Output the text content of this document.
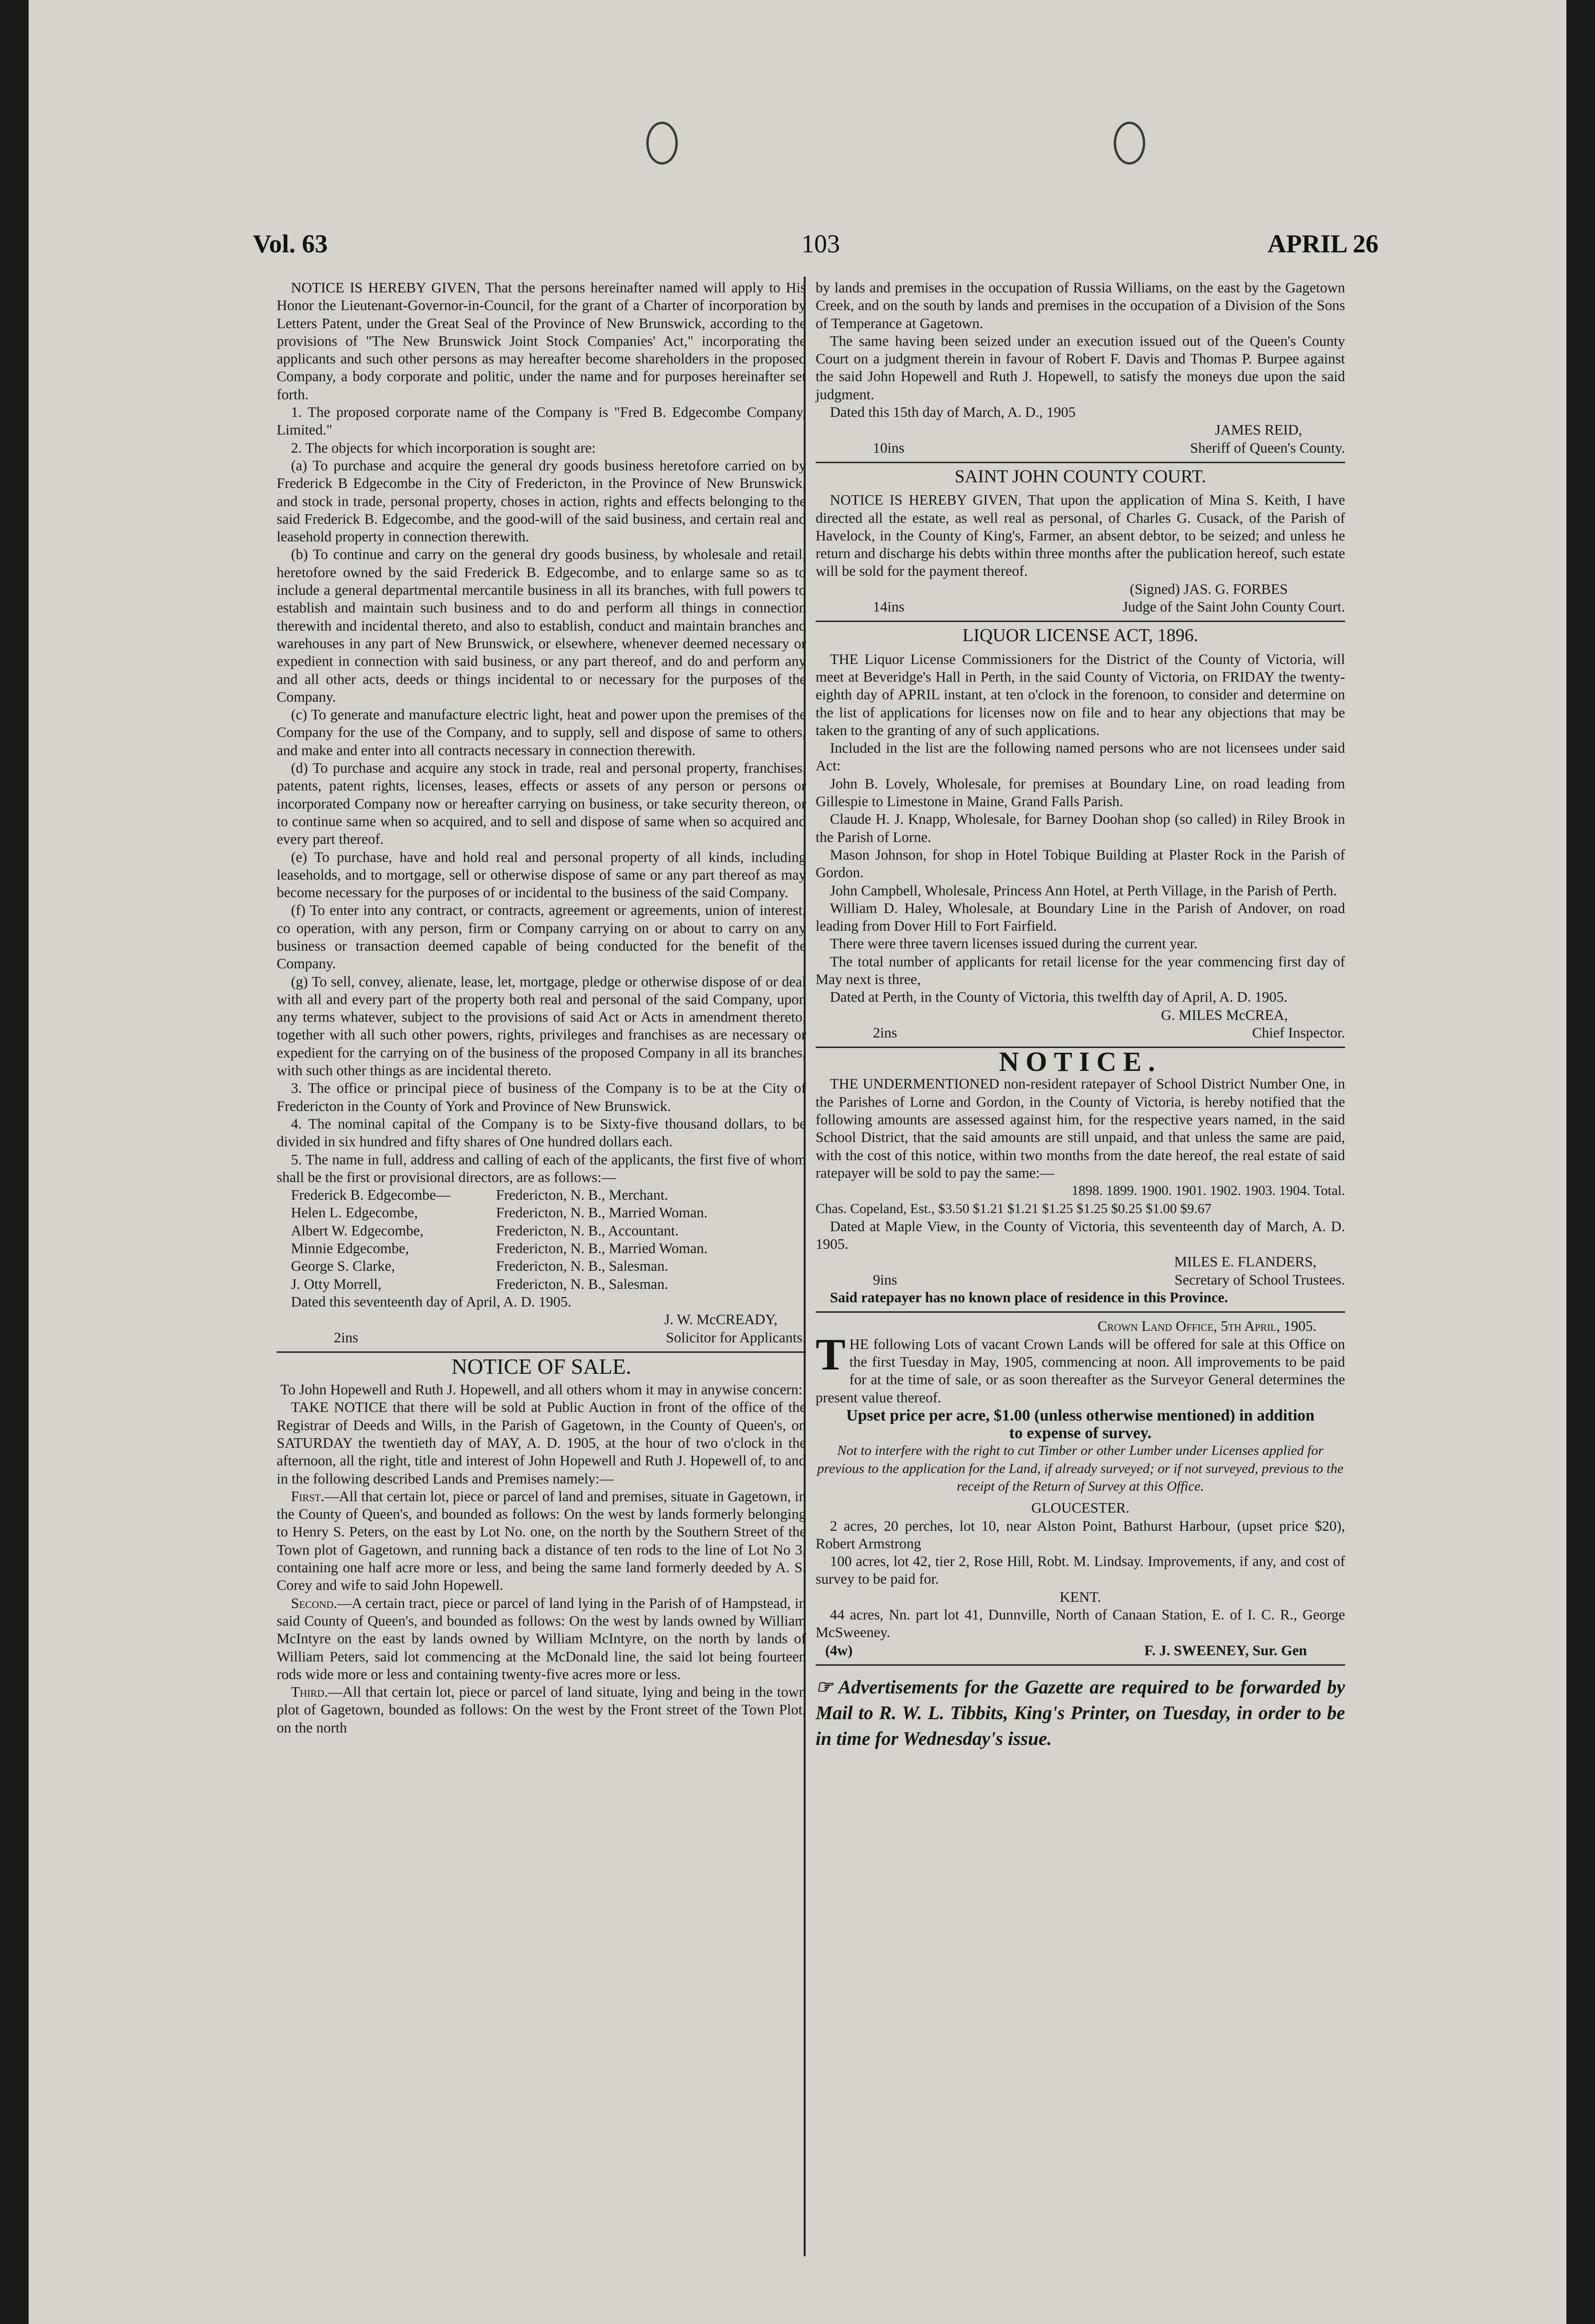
Vol. 63	103	APRIL 26

NOTICE IS HEREBY GIVEN, That the persons hereinafter named will apply to His Honor the Lieutenant-Governor-in-Council, for the grant of a Charter of incorporation by Letters Patent, under the Great Seal of the Province of New Brunswick, according to the provisions of "The New Brunswick Joint Stock Companies' Act," incorporating the applicants and such other persons as may hereafter become shareholders in the proposed Company, a body corporate and politic, under the name and for purposes hereinafter set forth.

1. The proposed corporate name of the Company is "Fred B. Edgecombe Company, Limited."

2. The objects for which incorporation is sought are:

(a) To purchase and acquire the general dry goods business heretofore carried on by Frederick B Edgecombe in the City of Fredericton, in the Province of New Brunswick, and stock in trade, personal property, choses in action, rights and effects belonging to the said Frederick B. Edgecombe, and the good-will of the said business, and certain real and leasehold property in connection therewith.

(b) To continue and carry on the general dry goods business, by wholesale and retail, heretofore owned by the said Frederick B. Edgecombe, and to enlarge same so as to include a general departmental mercantile business in all its branches, with full powers to establish and maintain such business and to do and perform all things in connection therewith and incidental thereto, and also to establish, conduct and maintain branches and warehouses in any part of New Brunswick, or elsewhere, whenever deemed necessary or expedient in connection with said business, or any part thereof, and do and perform any and all other acts, deeds or things incidental to or necessary for the purposes of the Company.

(c) To generate and manufacture electric light, heat and power upon the premises of the Company for the use of the Company, and to supply, sell and dispose of same to others, and make and enter into all contracts necessary in connection therewith.

(d) To purchase and acquire any stock in trade, real and personal property, franchises, patents, patent rights, licenses, leases, effects or assets of any person or persons or incorporated Company now or hereafter carrying on business, or take security thereon, or to continue same when so acquired, and to sell and dispose of same when so acquired and every part thereof.

(e) To purchase, have and hold real and personal property of all kinds, including leaseholds, and to mortgage, sell or otherwise dispose of same or any part thereof as may become necessary for the purposes of or incidental to the business of the said Company.

(f) To enter into any contract, or contracts, agreement or agreements, union of interest, co operation, with any person, firm or Company carrying on or about to carry on any business or transaction deemed capable of being conducted for the benefit of the Company.

(g) To sell, convey, alienate, lease, let, mortgage, pledge or otherwise dispose of or deal with all and every part of the property both real and personal of the said Company, upon any terms whatever, subject to the provisions of said Act or Acts in amendment thereto, together with all such other powers, rights, privileges and franchises as are necessary or expedient for the carrying on of the business of the proposed Company in all its branches, with such other things as are incidental thereto.

3. The office or principal piece of business of the Company is to be at the City of Fredericton in the County of York and Province of New Brunswick.

4. The nominal capital of the Company is to be Sixty-five thousand dollars, to be divided in six hundred and fifty shares of One hundred dollars each.

5. The name in full, address and calling of each of the applicants, the first five of whom shall be the first or provisional directors, are as follows:—

Frederick B. Edgecombe—	Fredericton, N. B., Merchant.
Helen L. Edgecombe,	Fredericton, N. B., Married Woman.
Albert W. Edgecombe,	Fredericton, N. B., Accountant.
Minnie Edgecombe,	Fredericton, N. B., Married Woman.
George S. Clarke,	Fredericton, N. B., Salesman.
J. Otty Morrell,	Fredericton, N. B., Salesman.

Dated this seventeenth day of April, A. D. 1905.

J. W. McCREADY,

2ins	Solicitor for Applicants.

NOTICE OF SALE.

To John Hopewell and Ruth J. Hopewell, and all others whom it may in anywise concern:

TAKE NOTICE that there will be sold at Public Auction in front of the office of the Registrar of Deeds and Wills, in the Parish of Gagetown, in the County of Queen's, on SATURDAY the twentieth day of MAY, A. D. 1905, at the hour of two o'clock in the afternoon, all the right, title and interest of John Hopewell and Ruth J. Hopewell of, to and in the following described Lands and Premises namely:—

First.—All that certain lot, piece or parcel of land and premises, situate in Gagetown, in the County of Queen's, and bounded as follows: On the west by lands formerly belonging to Henry S. Peters, on the east by Lot No. one, on the north by the Southern Street of the Town plot of Gagetown, and running back a distance of ten rods to the line of Lot No 3, containing one half acre more or less, and being the same land formerly deeded by A. S. Corey and wife to said John Hopewell.

Second.—A certain tract, piece or parcel of land lying in the Parish of of Hampstead, in said County of Queen's, and bounded as follows: On the west by lands owned by William McIntyre on the east by lands owned by William McIntyre, on the north by lands of William Peters, said lot commencing at the McDonald line, the said lot being fourteen rods wide more or less and containing twenty-five acres more or less.

Third.—All that certain lot, piece or parcel of land situate, lying and being in the town plot of Gagetown, bounded as follows: On the west by the Front street of the Town Plot, on the north

by lands and premises in the occupation of Russia Williams, on the east by the Gagetown Creek, and on the south by lands and premises in the occupation of a Division of the Sons of Temperance at Gagetown.

The same having been seized under an execution issued out of the Queen's County Court on a judgment therein in favour of Robert F. Davis and Thomas P. Burpee against the said John Hopewell and Ruth J. Hopewell, to satisfy the moneys due upon the said judgment.

Dated this 15th day of March, A. D., 1905

JAMES REID,

10ins	Sheriff of Queen's County.

SAINT JOHN COUNTY COURT.

NOTICE IS HEREBY GIVEN, That upon the application of Mina S. Keith, I have directed all the estate, as well real as personal, of Charles G. Cusack, of the Parish of Havelock, in the County of King's, Farmer, an absent debtor, to be seized; and unless he return and discharge his debts within three months after the publication hereof, such estate will be sold for the payment thereof.

(Signed) JAS. G. FORBES

14ins	Judge of the Saint John County Court.

LIQUOR LICENSE ACT, 1896.

THE Liquor License Commissioners for the District of the County of Victoria, will meet at Beveridge's Hall in Perth, in the said County of Victoria, on FRIDAY the twenty-eighth day of APRIL instant, at ten o'clock in the forenoon, to consider and determine on the list of applications for licenses now on file and to hear any objections that may be taken to the granting of any of such applications.

Included in the list are the following named persons who are not licensees under said Act:

John B. Lovely, Wholesale, for premises at Boundary Line, on road leading from Gillespie to Limestone in Maine, Grand Falls Parish.

Claude H. J. Knapp, Wholesale, for Barney Doohan shop (so called) in Riley Brook in the Parish of Lorne.

Mason Johnson, for shop in Hotel Tobique Building at Plaster Rock in the Parish of Gordon.

John Campbell, Wholesale, Princess Ann Hotel, at Perth Village, in the Parish of Perth.

William D. Haley, Wholesale, at Boundary Line in the Parish of Andover, on road leading from Dover Hill to Fort Fairfield.

There were three tavern licenses issued during the current year.

The total number of applicants for retail license for the year commencing first day of May next is three,

Dated at Perth, in the County of Victoria, this twelfth day of April, A. D. 1905.

G. MILES McCREA,

2ins	Chief Inspector.

NOTICE.

THE UNDERMENTIONED non-resident ratepayer of School District Number One, in the Parishes of Lorne and Gordon, in the County of Victoria, is hereby notified that the following amounts are assessed against him, for the respective years named, in the said School District, that the said amounts are still unpaid, and that unless the same are paid, with the cost of this notice, within two months from the date hereof, the real estate of said ratepayer will be sold to pay the same:—

1898. 1899. 1900. 1901. 1902. 1903. 1904. Total.

Chas. Copeland, Est., $3.50 $1.21 $1.21 $1.25 $1.25 $0.25 $1.00 $9.67

Dated at Maple View, in the County of Victoria, this seventeenth day of March, A. D. 1905.

MILES E. FLANDERS,

9ins	Secretary of School Trustees.

Said ratepayer has no known place of residence in this Province.

Crown Land Office, 5th April, 1905.

THE following Lots of vacant Crown Lands will be offered for sale at this Office on the first Tuesday in May, 1905, commencing at noon. All improvements to be paid for at the time of sale, or as soon thereafter as the Surveyor General determines the present value thereof.

Upset price per acre, $1.00 (unless otherwise mentioned) in addition to expense of survey.

Not to interfere with the right to cut Timber or other Lumber under Licenses applied for previous to the application for the Land, if already surveyed; or if not surveyed, previous to the receipt of the Return of Survey at this Office.

GLOUCESTER.

2 acres, 20 perches, lot 10, near Alston Point, Bathurst Harbour, (upset price $20), Robert Armstrong

100 acres, lot 42, tier 2, Rose Hill, Robt. M. Lindsay. Improvements, if any, and cost of survey to be paid for.

KENT.

44 acres, Nn. part lot 41, Dunnville, North of Canaan Station, E. of I. C. R., George McSweeney.

(4w)	F. J. SWEENEY, Sur. Gen

☞ Advertisements for the Gazette are required to be forwarded by Mail to R. W. L. Tibbits, King's Printer, on Tuesday, in order to be in time for Wednesday's issue.
